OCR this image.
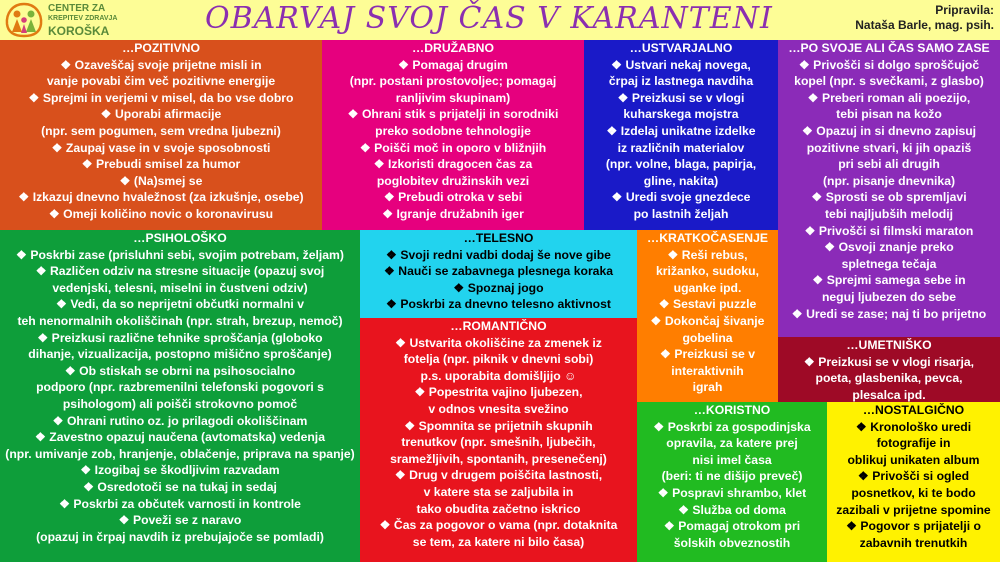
CENTER ZA
KREPITEV ZDRAVJA
KOROŠKA	OBARVAJ SVOJ ČAS V KARANTENI	Pripravila:
Nataša Barle, mag. psih.
…POZITIVNO
❖ Ozaveščaj svoje prijetne misli in
vanje povabi čim več pozitivne energije
❖ Sprejmi in verjemi v misel, da bo vse dobro
❖ Uporabi afirmacije
(npr. sem pogumen, sem vredna ljubezni)
❖ Zaupaj vase in v svoje sposobnosti
❖ Prebudi smisel za humor
❖ (Na)smej se
❖ Izkazuj dnevno hvaležnost (za izkušnje, osebe)
❖ Omeji količino novic o koronavirusu
…DRUŽABNO
❖ Pomagaj drugim
(npr. postani prostovoljec; pomagaj
ranljivim skupinam)
❖ Ohrani stik s prijatelji in sorodniki
preko sodobne tehnologije
❖ Poišči moč in oporo v bližnjih
❖ Izkoristi dragocen čas za
poglobitev družinskih vezi
❖ Prebudi otroka v sebi
❖ Igranje družabnih iger
…USTVARJALNO
❖ Ustvari nekaj novega,
črpaj iz lastnega navdiha
❖ Preizkusi se v vlogi
kuharskega mojstra
❖ Izdelaj unikatne izdelke
iz različnih materialov
(npr. volne, blaga, papirja,
gline, nakita)
❖ Uredi svoje gnezdece
po lastnih željah
…PO SVOJE ALI ČAS SAMO ZASE
❖ Privošči si dolgo sproščujoč
kopel (npr. s svečkami, z glasbo)
❖ Preberi roman ali poezijo,
tebi pisan na kožo
❖ Opazuj in si dnevno zapisuj
pozitivne stvari, ki jih opaziš
pri sebi ali drugih
(npr. pisanje dnevnika)
❖ Sprosti se ob spremljavi
tebi najljubših melodij
❖ Privošči si filmski maraton
❖ Osvoji znanje preko
spletnega tečaja
❖ Sprejmi samega sebe in
neguj ljubezen do sebe
❖ Uredi se zase; naj ti bo prijetno
…PSIHOLOŠKO
❖ Poskrbi zase (prisluhni sebi, svojim potrebam, željam)
❖ Različen odziv na stresne situacije (opazuj svoj
vedenjski, telesni, miselni in čustveni odziv)
❖ Vedi, da so neprijetni občutki normalni v
teh nenormalnih okoliščinah (npr. strah, brezup, nemoč)
❖ Preizkusi različne tehnike sproščanja (globoko
dihanje, vizualizacija, postopno mišično sproščanje)
❖ Ob stiskah se obrni na psihosocialno
podporo (npr. razbremenilni telefonski pogovori s
psihologom) ali poišči strokovno pomoč
❖ Ohrani rutino oz. jo prilagodi okoliščinam
❖ Zavestno opazuj naučena (avtomatska) vedenja
(npr. umivanje zob, hranjenje, oblačenje, priprava na spanje)
❖ Izogibaj se škodljivim razvadam
❖ Osredotoči se na tukaj in sedaj
❖ Poskrbi za občutek varnosti in kontrole
❖ Poveži se z naravo
(opazuj in črpaj navdih iz prebujajoče se pomladi)
…TELESNO
❖ Svoji redni vadbi dodaj še nove gibe
❖ Nauči se zabavnega plesnega koraka
❖ Spoznaj jogo
❖ Poskrbi za dnevno telesno aktivnost
…KRATKOČASENJE
❖ Reši rebus,
križanko, sudoku,
uganke ipd.
❖ Sestavi puzzle
❖ Dokončaj šivanje
gobelina
❖ Preizkusi se v
interaktivnih
igrah
…UMETNIŠKO
❖ Preizkusi se v vlogi risarja,
poeta, glasbenika, pevca,
plesalca ipd.
…ROMANTIČNO
❖ Ustvarita okoliščine za zmenek iz
fotelja (npr. piknik v dnevni sobi)
p.s. uporabita domišljijo ☺
❖ Popestrita vajino ljubezen,
v odnos vnesita svežino
❖ Spomnita se prijetnih skupnih
trenutkov (npr. smešnih, ljubečih,
sramežljivih, spontanih, presenečenj)
❖ Drug v drugem poiščita lastnosti,
v katere sta se zaljubila in
tako obudita začetno iskrico
❖ Čas za pogovor o vama (npr. dotaknita
se tem, za katere ni bilo časa)
…KORISTNO
❖ Poskrbi za gospodinjska
opravila, za katere prej
nisi imel časa
(beri: ti ne dišijo preveč)
❖ Pospravi shrambo, klet
❖ Služba od doma
❖ Pomagaj otrokom pri
šolskih obveznostih
…NOSTALGIČNO
❖ Kronološko uredi
fotografije in
oblikuj unikaten album
❖ Privošči si ogled
posnetkov, ki te bodo
zazibali v prijetne spomine
❖ Pogovor s prijatelji o
zabavnih trenutkih
